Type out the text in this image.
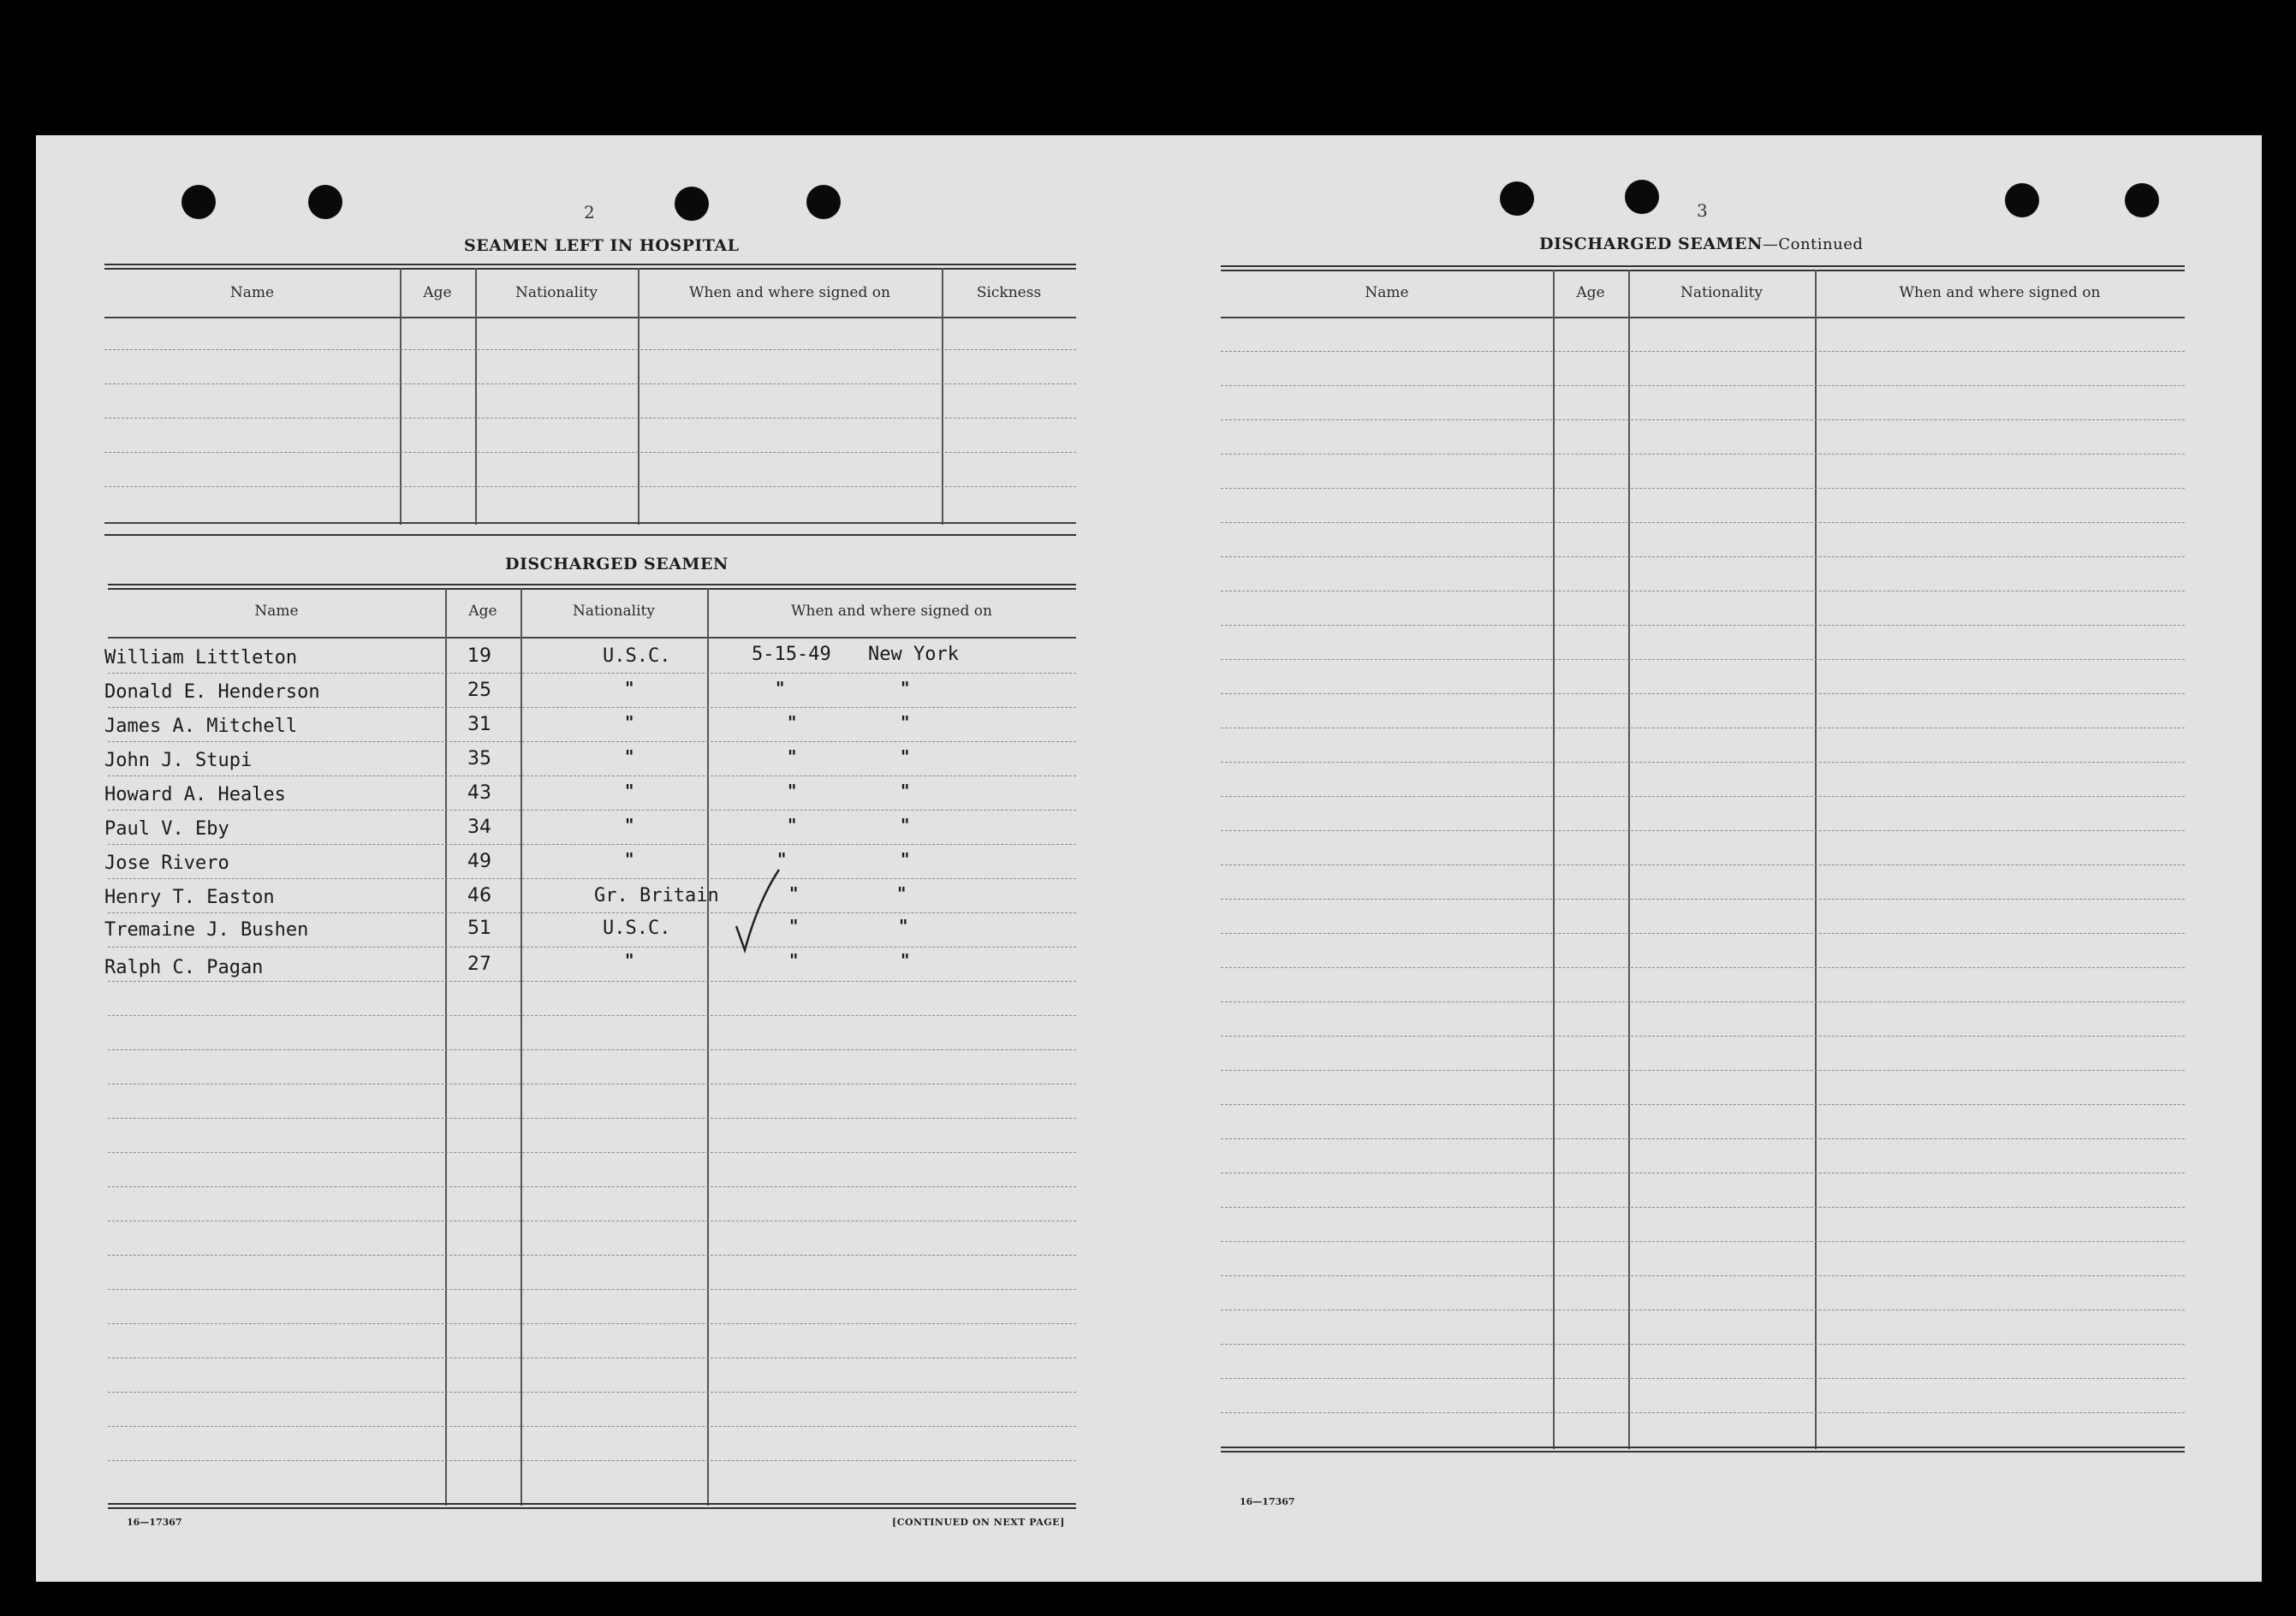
2
SEAMEN LEFT IN HOSPITAL
Name	Age	Nationality	When and where signed on	Sickness
DISCHARGED SEAMEN
Name	Age	Nationality	When and where signed on
William Littleton	19	U.S.C.	5-15-49 New York
Donald E. Henderson	25	"	"	"
James A. Mitchell	31	"	"	"
John J. Stupi	35	"	"	"
Howard A. Heales	43	"	"	"
Paul V. Eby	34	"	"	"
Jose Rivero	49	"	"	"
Henry T. Easton	46	Gr. Britain	"	"
Tremaine J. Bushen	51	U.S.C.	"	"
Ralph C. Pagan	27	"	"	"
16—17367	[CONTINUED ON NEXT PAGE]
3
DISCHARGED SEAMEN—Continued
Name	Age	Nationality	When and where signed on
16—17367
